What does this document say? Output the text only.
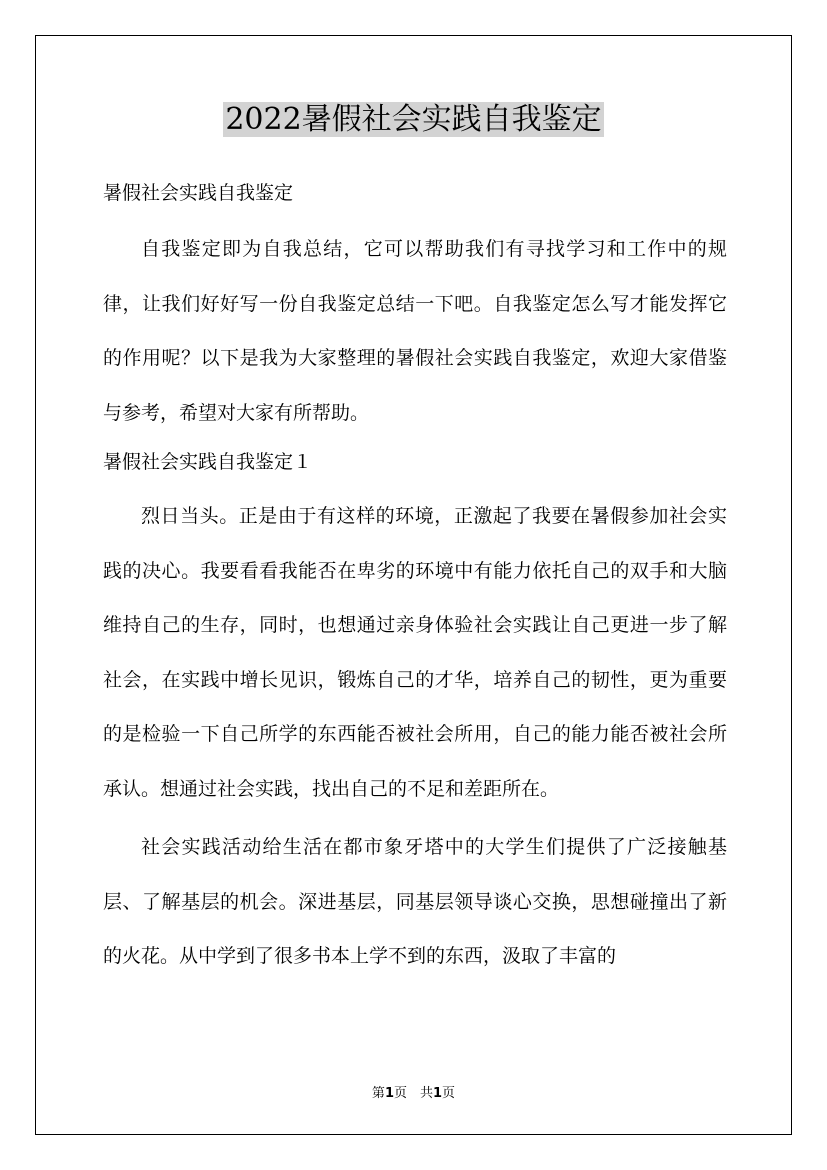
2022暑假社会实践自我鉴定
暑假社会实践自我鉴定

自我鉴定即为自我总结，它可以帮助我们有寻找学习和工作中的规律，让我们好好写一份自我鉴定总结一下吧。自我鉴定怎么写才能发挥它的作用呢？以下是我为大家整理的暑假社会实践自我鉴定，欢迎大家借鉴与参考，希望对大家有所帮助。

暑假社会实践自我鉴定１

烈日当头。正是由于有这样的环境，正激起了我要在暑假参加社会实践的决心。我要看看我能否在卑劣的环境中有能力依托自己的双手和大脑维持自己的生存，同时，也想通过亲身体验社会实践让自己更进一步了解社会，在实践中增长见识，锻炼自己的才华，培养自己的韧性，更为重要的是检验一下自己所学的东西能否被社会所用，自己的能力能否被社会所承认。想通过社会实践，找出自己的不足和差距所在。

社会实践活动给生活在都市象牙塔中的大学生们提供了广泛接触基层、了解基层的机会。深进基层，同基层领导谈心交换，思想碰撞出了新的火花。从中学到了很多书本上学不到的东西，汲取了丰富的

第1页　共1页
